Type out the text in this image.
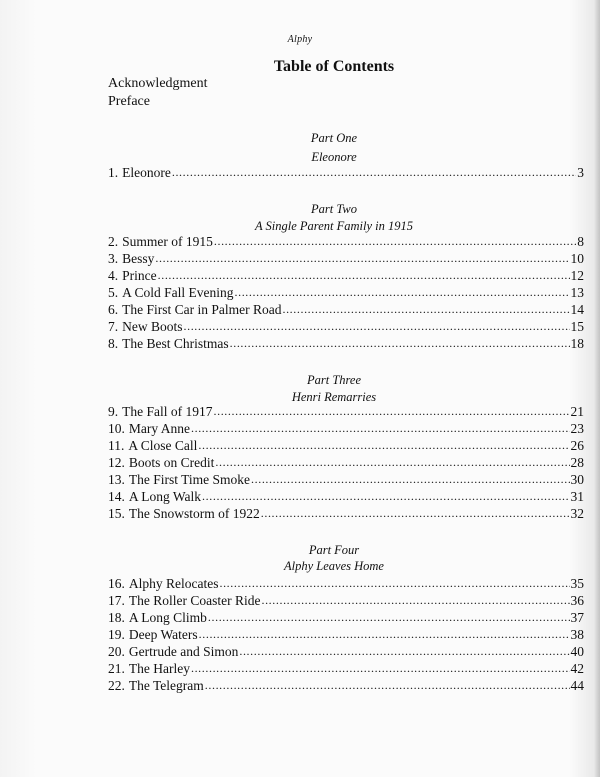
Alphy
Table of Contents
Acknowledgment
Preface
Part One
Eleonore
1. Eleonore .....	3
Part Two
A Single Parent Family in 1915
2. Summer of 1915 .....	8
3. Bessy .....	10
4. Prince .....	12
5. A Cold Fall Evening .....	13
6. The First Car in Palmer Road .....	14
7. New Boots .....	15
8. The Best Christmas .....	18
Part Three
Henri Remarries
9. The Fall of 1917 .....	21
10. Mary Anne .....	23
11. A Close Call .....	26
12. Boots on Credit .....	28
13. The First Time Smoke .....	30
14. A Long Walk .....	31
15. The Snowstorm of 1922 .....	32
Part Four
Alphy Leaves Home
16. Alphy Relocates .....	35
17. The Roller Coaster Ride .....	36
18. A Long Climb .....	37
19. Deep Waters .....	38
20. Gertrude and Simon .....	40
21. The Harley .....	42
22. The Telegram .....	44
